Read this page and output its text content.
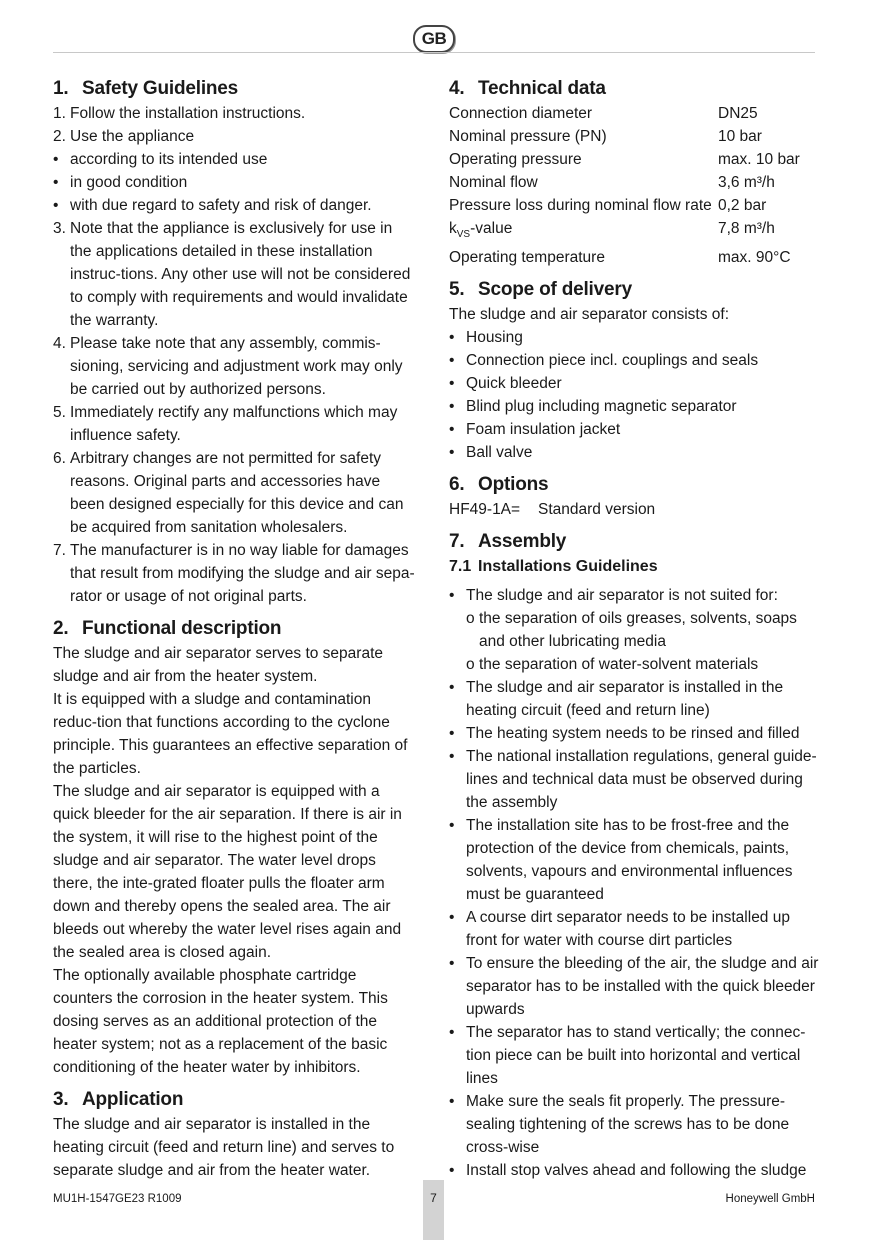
GB
1. Safety Guidelines
1. Follow the installation instructions.
2. Use the appliance
• according to its intended use
• in good condition
• with due regard to safety and risk of danger.
3. Note that the appliance is exclusively for use in the applications detailed in these installation instruc-tions. Any other use will not be considered to comply with requirements and would invalidate the warranty.
4. Please take note that any assembly, commis-sioning, servicing and adjustment work may only be carried out by authorized persons.
5. Immediately rectify any malfunctions which may influence safety.
6. Arbitrary changes are not permitted for safety reasons. Original parts and accessories have been designed especially for this device and can be acquired from sanitation wholesalers.
7. The manufacturer is in no way liable for damages that result from modifying the sludge and air sepa-rator or usage of not original parts.
2. Functional description

The sludge and air separator serves to separate sludge and air from the heater system.

It is equipped with a sludge and contamination reduc-tion that functions according to the cyclone principle. This guarantees an effective separation of the particles.

The sludge and air separator is equipped with a quick bleeder for the air separation. If there is air in the system, it will rise to the highest point of the sludge and air separator. The water level drops there, the inte-grated floater pulls the floater arm down and thereby opens the sealed area. The air bleeds out whereby the water level rises again and the sealed area is closed again.

The optionally available phosphate cartridge counters the corrosion in the heater system. This dosing serves as an additional protection of the heater system; not as a replacement of the basic conditioning of the heater water by inhibitors.

3. Application

The sludge and air separator is installed in the heating circuit (feed and return line) and serves to separate sludge and air from the heater water.

4. Technical data
Connection diameter	DN25
Nominal pressure (PN)	10 bar
Operating pressure	max. 10 bar
Nominal flow	3,6 m³/h
Pressure loss during nominal flow rate	0,2 bar
$k_{VS}$-value	7,8 m³/h
Operating temperature	max. 90°C
5. Scope of delivery

The sludge and air separator consists of:

• Housing
• Connection piece incl. couplings and seals
• Quick bleeder
• Blind plug including magnetic separator
• Foam insulation jacket
• Ball valve
6. Options

HF49-1A= Standard version

7. Assembly
7.1 Installations Guidelines
• The sludge and air separator is not suited for:
o the separation of oils greases, solvents, soaps and other lubricating media
o the separation of water-solvent materials
• The sludge and air separator is installed in the heating circuit (feed and return line)
• The heating system needs to be rinsed and filled
• The national installation regulations, general guide-lines and technical data must be observed during the assembly
• The installation site has to be frost-free and the protection of the device from chemicals, paints, solvents, vapours and environmental influences must be guaranteed
• A course dirt separator needs to be installed up front for water with course dirt particles
• To ensure the bleeding of the air, the sludge and air separator has to be installed with the quick bleeder upwards
• The separator has to stand vertically; the connec-tion piece can be built into horizontal and vertical lines
• Make sure the seals fit properly. The pressure-sealing tightening of the screws has to be done cross-wise
• Install stop valves ahead and following the sludge
MU1H-1547GE23 R1009	7	Honeywell GmbH
